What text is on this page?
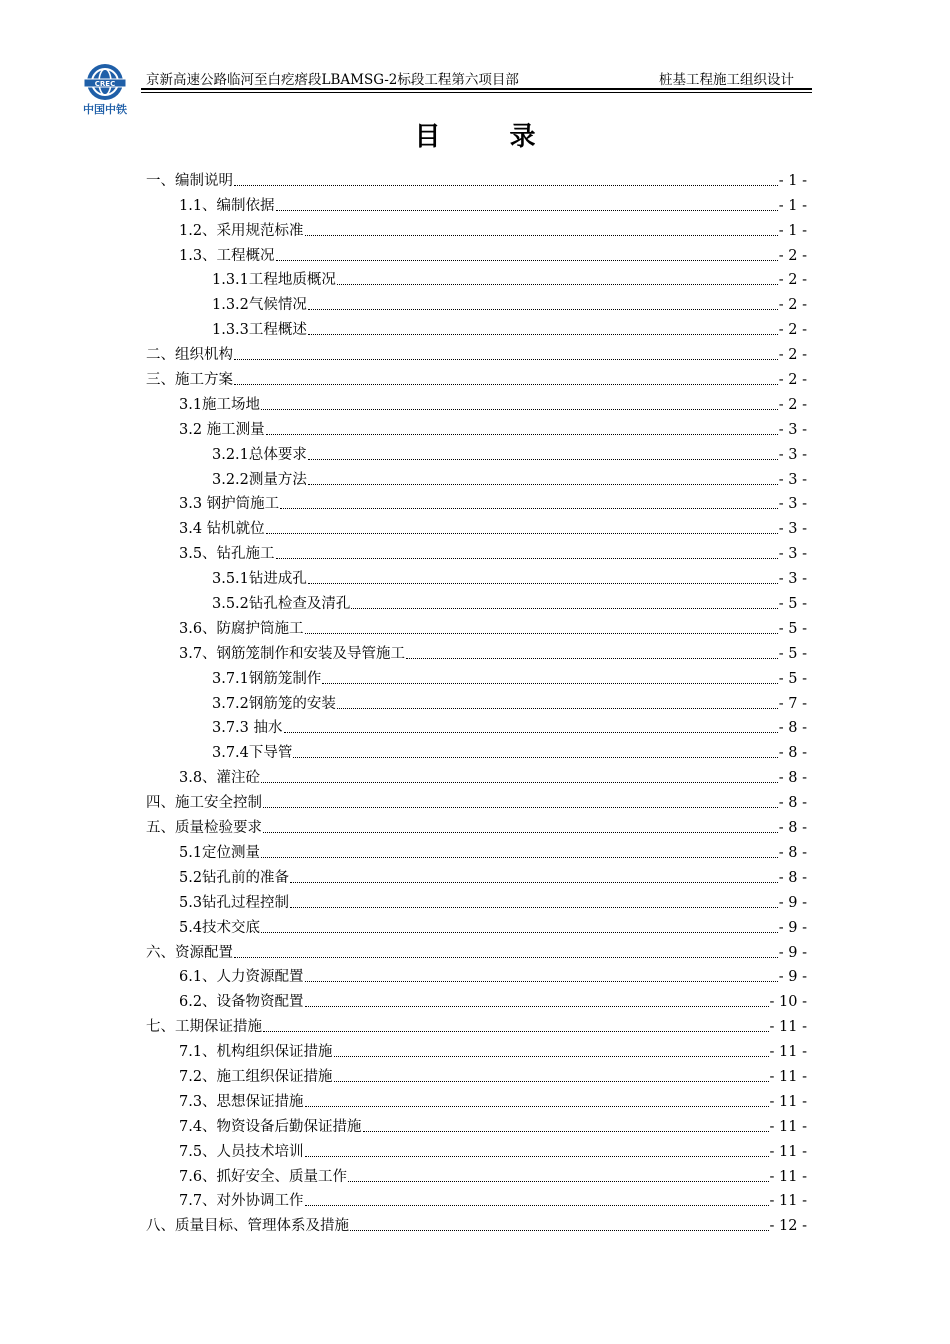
CREC
中国中铁
京新高速公路临河至白疙瘩段LBAMSG-2标段工程第六项目部	桩基工程施工组织设计
目 录
一、编制说明	- 1 -
1.1、编制依据	- 1 -
1.2、采用规范标准	- 1 -
1.3、工程概况	- 2 -
1.3.1工程地质概况	- 2 -
1.3.2气候情况	- 2 -
1.3.3工程概述	- 2 -
二、组织机构	- 2 -
三、施工方案	- 2 -
3.1施工场地	- 2 -
3.2 施工测量	- 3 -
3.2.1总体要求	- 3 -
3.2.2测量方法	- 3 -
3.3 钢护筒施工	- 3 -
3.4 钻机就位	- 3 -
3.5、钻孔施工	- 3 -
3.5.1钻进成孔	- 3 -
3.5.2钻孔检查及清孔	- 5 -
3.6、防腐护筒施工	- 5 -
3.7、钢筋笼制作和安装及导管施工	- 5 -
3.7.1钢筋笼制作	- 5 -
3.7.2钢筋笼的安装	- 7 -
3.7.3 抽水	- 8 -
3.7.4下导管	- 8 -
3.8、灌注砼	- 8 -
四、施工安全控制	- 8 -
五、质量检验要求	- 8 -
5.1定位测量	- 8 -
5.2钻孔前的准备	- 8 -
5.3钻孔过程控制	- 9 -
5.4技术交底	- 9 -
六、资源配置	- 9 -
6.1、人力资源配置	- 9 -
6.2、设备物资配置	- 10 -
七、工期保证措施	- 11 -
7.1、机构组织保证措施	- 11 -
7.2、施工组织保证措施	- 11 -
7.3、思想保证措施	- 11 -
7.4、物资设备后勤保证措施	- 11 -
7.5、人员技术培训	- 11 -
7.6、抓好安全、质量工作	- 11 -
7.7、对外协调工作	- 11 -
八、质量目标、管理体系及措施	- 12 -
